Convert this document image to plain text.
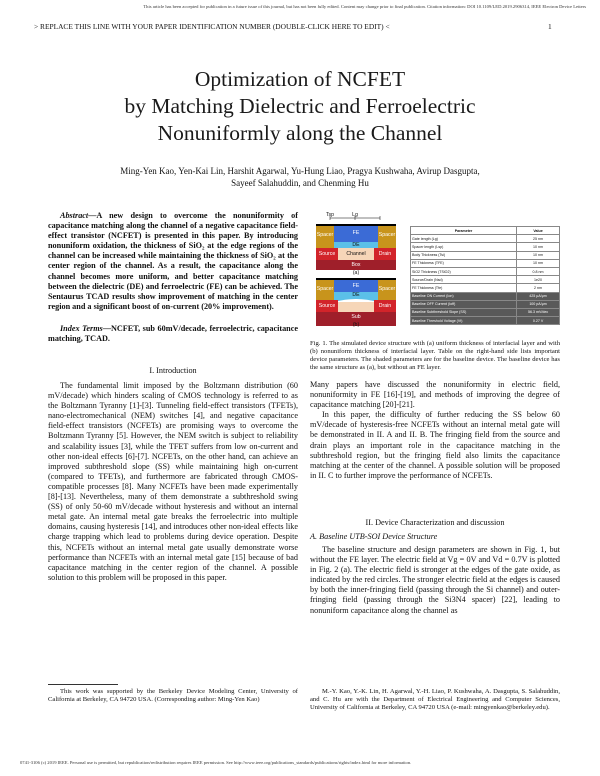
This article has been accepted for publication in a future issue of this journal, but has not been fully edited. Content may change prior to final publication. Citation information: DOI 10.1109/LED.2019.2906314, IEEE Electron Device Letters
> REPLACE THIS LINE WITH YOUR PAPER IDENTIFICATION NUMBER (DOUBLE-CLICK HERE TO EDIT) <	1
Optimization of NCFET
by Matching Dielectric and Ferroelectric
Nonuniformly along the Channel
Ming-Yen Kao, Yen-Kai Lin, Harshit Agarwal, Yu-Hung Liao, Pragya Kushwaha, Avirup Dasgupta,
Sayeef Salahuddin, and Chenming Hu

Abstract—A new design to overcome the nonuniformity of capacitance matching along the channel of a negative capacitance field-effect transistor (NCFET) is presented in this paper. By introducing nonuniform oxidation, the thickness of SiO₂ at the edge regions of the channel can be increased while maintaining the thickness of SiO₂ at the center region of the channel. As a result, the capacitance along the channel becomes more uniform, and better capacitance matching between the dielectric (DE) and ferroelectric (FE) can be achieved. The Sentaurus TCAD results show improvement of matching in the center region and a significant boost of on-current (20% improvement).

Index Terms—NCFET, sub 60mV/decade, ferroelectric, capacitance matching, TCAD.

I. Introduction

The fundamental limit imposed by the Boltzmann distribution (60 mV/decade) which hinders scaling of CMOS technology is referred to as the Boltzmann Tyranny [1]-[3]. Tunneling field-effect transistors (TFETs), nano-electromechanical (NEM) switches [4], and negative capacitance field-effect transistors (NCFETs) are promising ways to overcome the Boltzmann Tyranny [5]. However, the NEM switch is subject to reliability and scalability issues [3], while the TFET suffers from low on-current and other non-ideal effects [6]-[7]. NCFETs, on the other hand, can achieve an improved subthreshold slope (SS) while maintaining high on-current (compared to TFETs), and furthermore are fabricated through CMOS-compatible processes [8]. Many NCFETs have been made experimentally [8]-[13]. Nevertheless, many of them demonstrate a subthreshold swing (SS) of only 50-60 mV/decade without hysteresis and without an internal metal gate. An internal metal gate breaks the ferroelectric into multiple domains, causing hysteresis [14], and introduces other non-ideal effects like charge trapping which lead to problems during device operation. Despite this, NCFETs without an internal metal gate usually demonstrate worse performance than NCFETs with an internal metal gate [15] because of bad capacitance matching in the center region of the channel. A possible solution to this problem will be proposed in this paper.

This work was supported by the Berkeley Device Modeling Center, University of California at Berkeley, CA 94720 USA. (Corresponding author: Ming-Yen Kao)

Lg
Tsp
Spacer	Spacer
FE
DE
Source	Drain
Channel
Box
(a)
Spacer	Spacer
FE
DE
Source	Drain
Sub
(b)
Parameter	Value
Gate length (Lg)	25 nm
Spacer length (Lsp)	10 nm
Body Thickness (Tsi)	10 nm
FE Thickness (TFE)	10 nm
SiO2 Thickness (TSiO2)	0.8 nm
Source/Drain (Nsd)	1e20
FE Thickness (Tfe)	2 nm
Baseline ON Current (Ion)	425 μA/μm
Baseline OFF Current (Ioff)	100 pA/μm
Baseline Subthreshold Slope (SS)	56.3 mV/dec
Baseline Threshold Voltage (Vt)	0.27 V

Fig. 1. The simulated device structure with (a) uniform thickness of interfacial layer and with (b) nonuniform thickness of interfacial layer. Table on the right-hand side lists important device parameters. The shaded parameters are for the baseline device. The baseline device has the same structure as (a), but without an FE layer.

Many papers have discussed the nonuniformity in electric field, nonuniformity in FE [16]-[19], and methods of improving the degree of capacitance matching [20]-[21].

In this paper, the difficulty of further reducing the SS below 60 mV/decade of hysteresis-free NCFETs without an internal metal gate will be demonstrated in II. A and II. B. The fringing field from the source and drain plays an important role in the capacitance matching in the subthreshold region, but the fringing field also limits the capacitance matching at the center of the channel. A possible solution will be proposed in II. C to further improve the performance of NCFETs.

II. Device Characterization and discussion
A. Baseline UTB-SOI Device Structure

The baseline structure and design parameters are shown in Fig. 1, but without the FE layer. The electric field at Vg = 0V and Vd = 0.7V is plotted in Fig. 2 (a). The electric field is stronger at the edges of the gate oxide, as indicated by the red circles. The stronger electric field at the edges is caused by both the inner-fringing field (passing through the Si channel) and outer-fringing field (passing through the Si3N4 spacer) [22], leading to nonuniform capacitance along the channel as

M.-Y. Kao, Y.-K. Lin, H. Agarwal, Y.-H. Liao, P. Kushwaha, A. Dasgupta, S. Salahuddin, and C. Hu are with the Department of Electrical Engineering and Computer Sciences, University of California at Berkeley, CA 94720 USA (e-mail: mingyenkao@berkeley.edu).

0741-3106 (c) 2019 IEEE. Personal use is permitted, but republication/redistribution requires IEEE permission. See http://www.ieee.org/publications_standards/publications/rights/index.html for more information.
